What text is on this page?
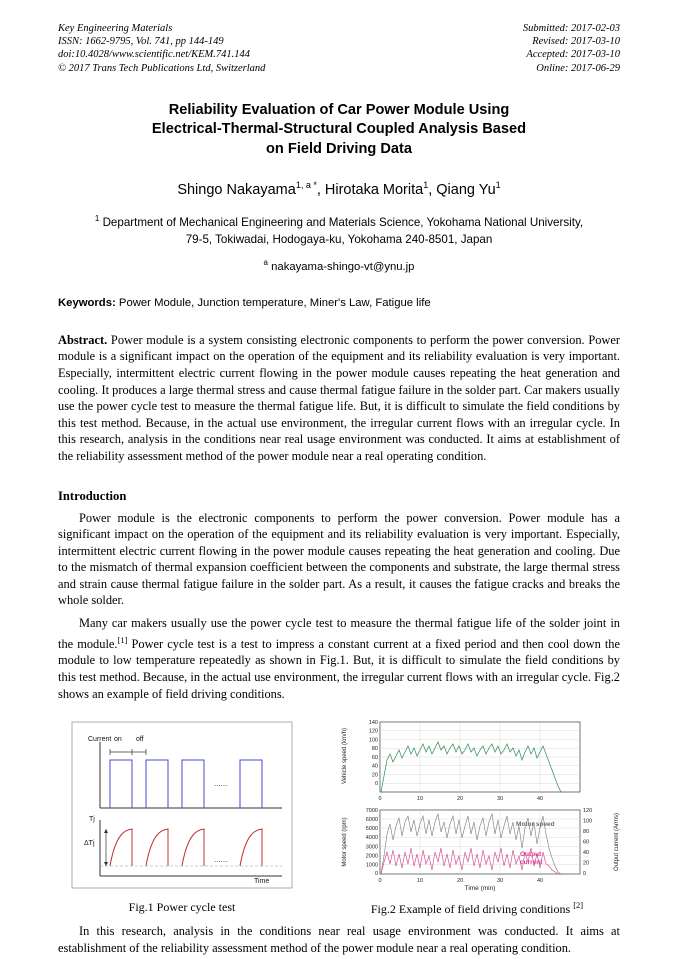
Key Engineering Materials
ISSN: 1662-9795, Vol. 741, pp 144-149
doi:10.4028/www.scientific.net/KEM.741.144
© 2017 Trans Tech Publications Ltd, Switzerland
Submitted: 2017-02-03
Revised: 2017-03-10
Accepted: 2017-03-10
Online: 2017-06-29
Reliability Evaluation of Car Power Module Using
Electrical-Thermal-Structural Coupled Analysis Based
on Field Driving Data
Shingo Nakayama$^{1, a *}$, Hirotaka Morita$^1$, Qiang Yu$^1$
$^1$ Department of Mechanical Engineering and Materials Science, Yokohama National University,
79-5, Tokiwadai, Hodogaya-ku, Yokohama 240-8501, Japan
$^a$ nakayama-shingo-vt@ynu.jp
Keywords: Power Module, Junction temperature, Miner's Law, Fatigue life
Abstract. Power module is a system consisting electronic components to perform the power conversion. Power module is a significant impact on the operation of the equipment and its reliability evaluation is very important. Especially, intermittent electric current flowing in the power module causes repeating the heat generation and cooling. It produces a large thermal stress and cause thermal fatigue failure in the solder part. Car makers usually use the power cycle test to measure the thermal fatigue life. But, it is difficult to simulate the field conditions by this test method. Because, in the actual use environment, the irregular current flows with an irregular cycle. In this research, analysis in the conditions near real usage environment was conducted. It aims at establishment of the reliability assessment method of the power module near a real operating condition.
Introduction

Power module is the electronic components to perform the power conversion. Power module has a significant impact on the operation of the equipment and its reliability evaluation is very important. Especially, intermittent electric current flowing in the power module causes repeating the heat generation and cooling. Due to the mismatch of thermal expansion coefficient between the components and substrate, the large thermal stress and strain cause thermal fatigue failure in the solder part. As a result, it causes the fatigue cracks and breaks the whole solder.

Many car makers usually use the power cycle test to measure the thermal fatigue life of the solder joint in the module.[1] Power cycle test is a test to impress a constant current at a fixed period and then cool down the module to low temperature repeatedly as shown in Fig.1. But, it is difficult to simulate the field conditions by this test method. Because, in the actual use environment, the irregular current flows with an irregular cycle. Fig.2 shows an example of field driving conditions.

......
......
Current on off
Tj
ΔTj
Time
Fig.1 Power cycle test
140
120
100
80
60
40
20
0
0	10	20	30	40
Vehicle speed (km/h)
7000
6000
5000
4000
3000
2000
1000
0
120
100
80
60
40
20
0
0	10	20	30	40
Time (min)
Motor speed (rpm)	Output current (Arms)
Motor speed
Output
current
Fig.2 Example of field driving conditions [2]

In this research, analysis in the conditions near real usage environment was conducted. It aims at establishment of the reliability assessment method of the power module near a real operating condition.
